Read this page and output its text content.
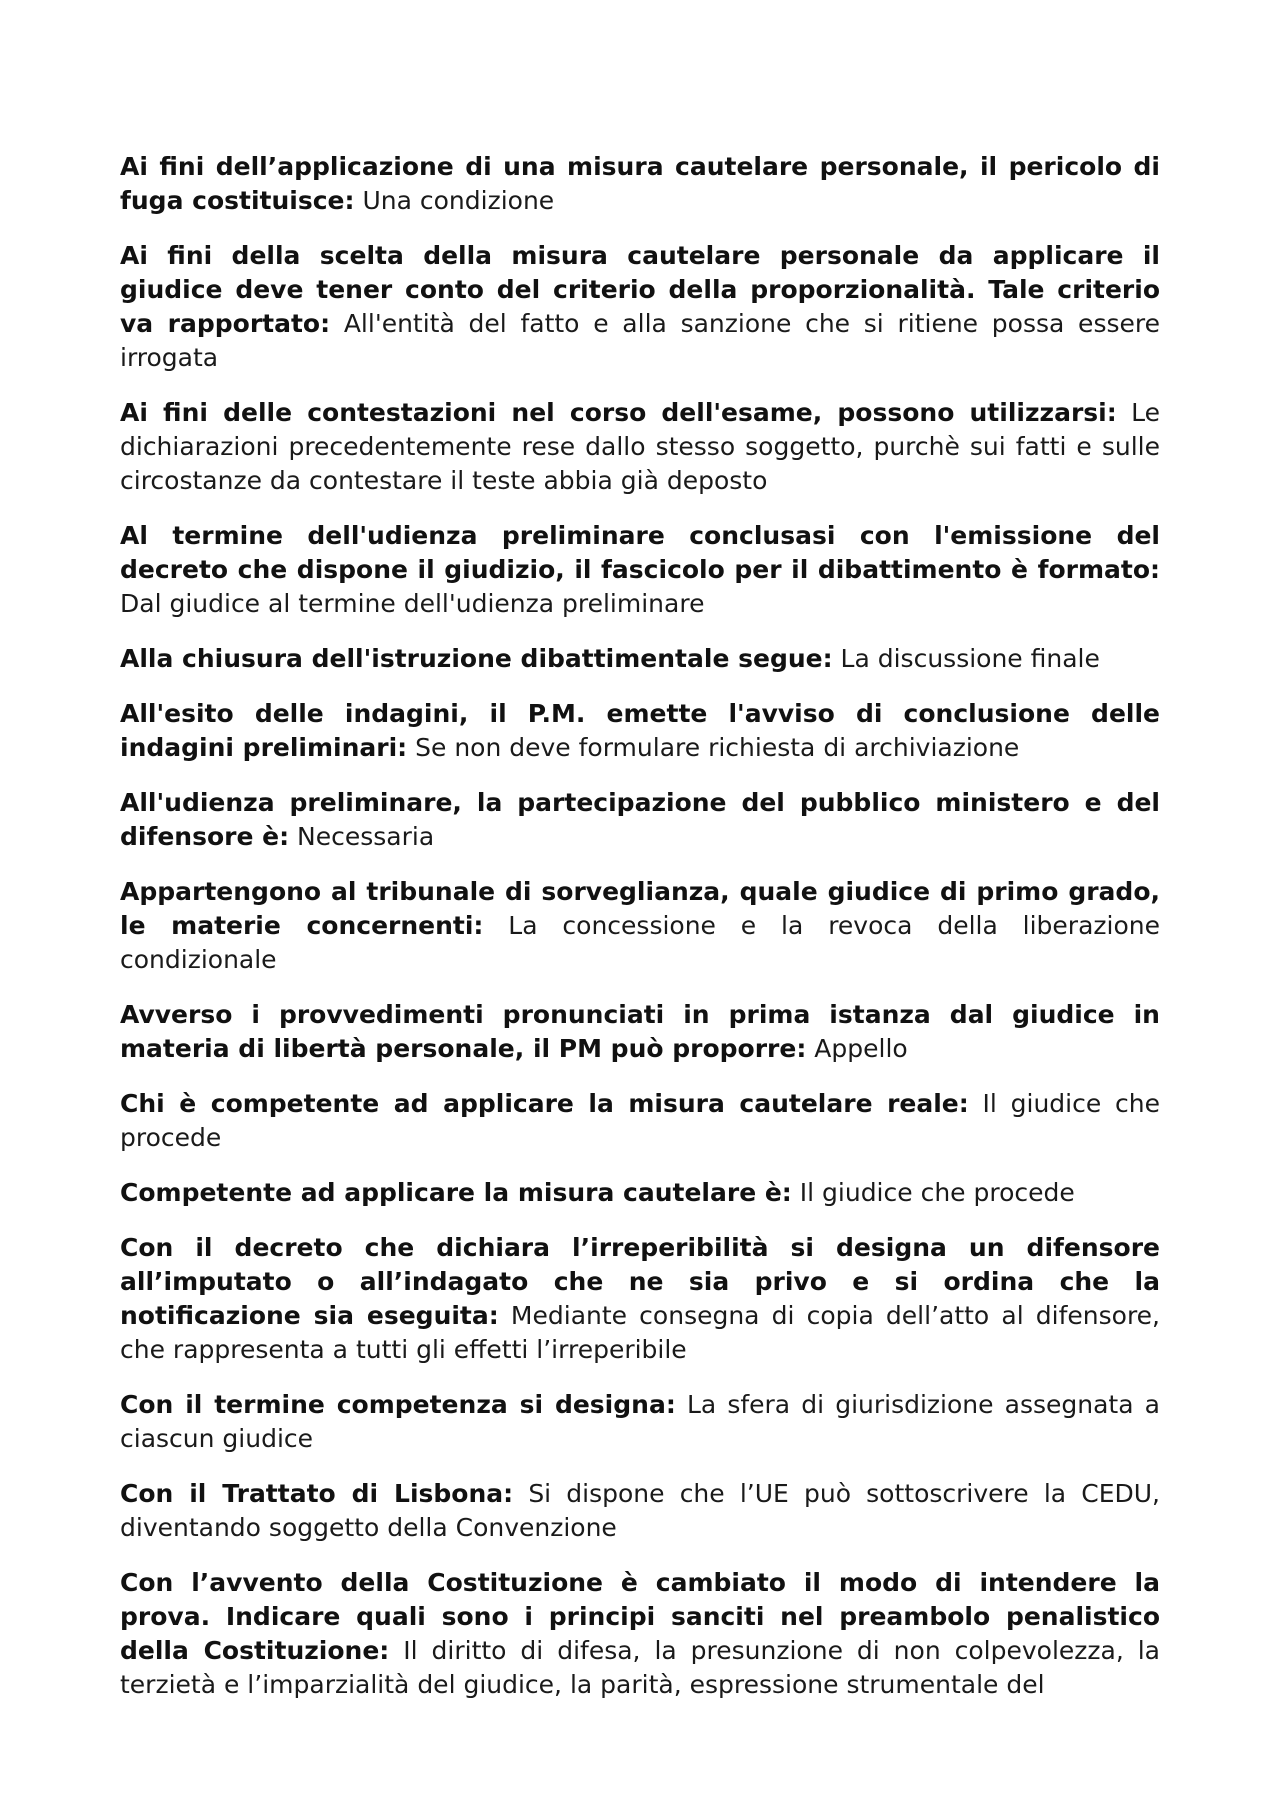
Ai fini dell’applicazione di una misura cautelare personale, il pericolo di fuga costituisce: Una condizione

Ai fini della scelta della misura cautelare personale da applicare il giudice deve tener conto del criterio della proporzionalità. Tale criterio va rapportato: All'entità del fatto e alla sanzione che si ritiene possa essere irrogata

Ai fini delle contestazioni nel corso dell'esame, possono utilizzarsi: Le dichiarazioni precedentemente rese dallo stesso soggetto, purchè sui fatti e sulle circostanze da contestare il teste abbia già deposto

Al termine dell'udienza preliminare conclusasi con l'emissione del decreto che dispone il giudizio, il fascicolo per il dibattimento è formato: Dal giudice al termine dell'udienza preliminare

Alla chiusura dell'istruzione dibattimentale segue: La discussione finale

All'esito delle indagini, il P.M. emette l'avviso di conclusione delle indagini preliminari: Se non deve formulare richiesta di archiviazione

All'udienza preliminare, la partecipazione del pubblico ministero e del difensore è: Necessaria

Appartengono al tribunale di sorveglianza, quale giudice di primo grado, le materie concernenti: La concessione e la revoca della liberazione condizionale

Avverso i provvedimenti pronunciati in prima istanza dal giudice in materia di libertà personale, il PM può proporre: Appello

Chi è competente ad applicare la misura cautelare reale: Il giudice che procede

Competente ad applicare la misura cautelare è: Il giudice che procede

Con il decreto che dichiara l’irreperibilità si designa un difensore all’imputato o all’indagato che ne sia privo e si ordina che la notificazione sia eseguita: Mediante consegna di copia dell’atto al difensore, che rappresenta a tutti gli effetti l’irreperibile

Con il termine competenza si designa: La sfera di giurisdizione assegnata a ciascun giudice

Con il Trattato di Lisbona: Si dispone che l’UE può sottoscrivere la CEDU, diventando soggetto della Convenzione

Con l’avvento della Costituzione è cambiato il modo di intendere la prova. Indicare quali sono i principi sanciti nel preambolo penalistico della Costituzione: Il diritto di difesa, la presunzione di non colpevolezza, la terzietà e l’imparzialità del giudice, la parità, espressione strumentale del
